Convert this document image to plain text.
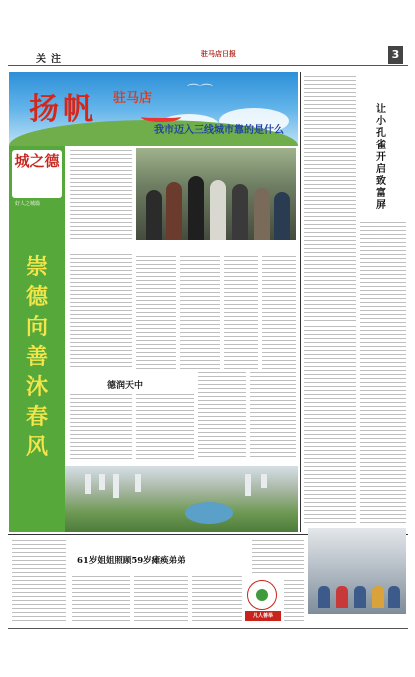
关注
驻马店日报	3
扬帆 驻马店	⌒⌒
我市迈入三线城市靠的是什么
城之德
好人之城篇
崇德向善沐春风
德润天中
让小孔雀开启致富屏
61岁姐姐照顾59岁瘫痪弟弟
凡人善举
